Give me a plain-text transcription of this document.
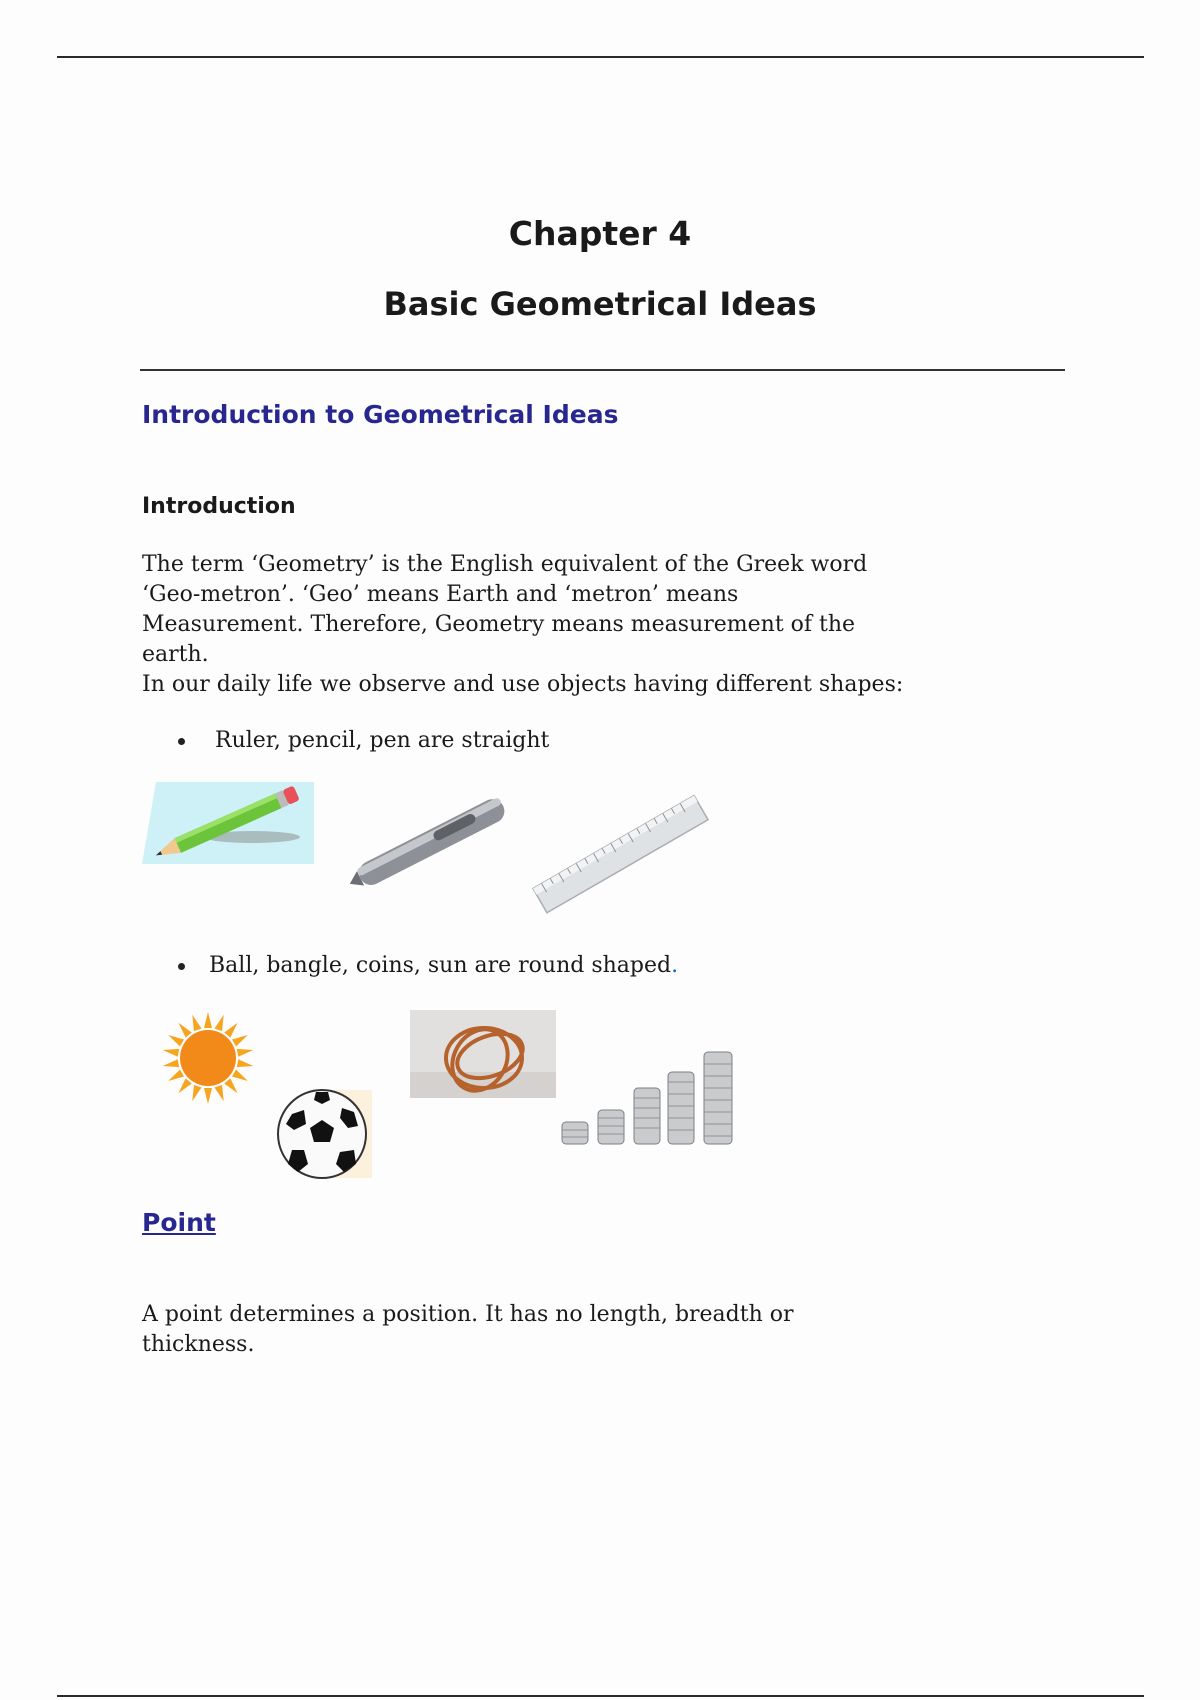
Chapter 4
Basic Geometrical Ideas
Introduction to Geometrical Ideas
Introduction
The term ‘Geometry’ is the English equivalent of the Greek word
‘Geo-metron’. ‘Geo’ means Earth and ‘metron’ means
Measurement. Therefore, Geometry means measurement of the
earth.
In our daily life we observe and use objects having different shapes:
Ruler, pencil, pen are straight
Ball, bangle, coins, sun are round shaped.
Point
A point determines a position. It has no length, breadth or
thickness.
